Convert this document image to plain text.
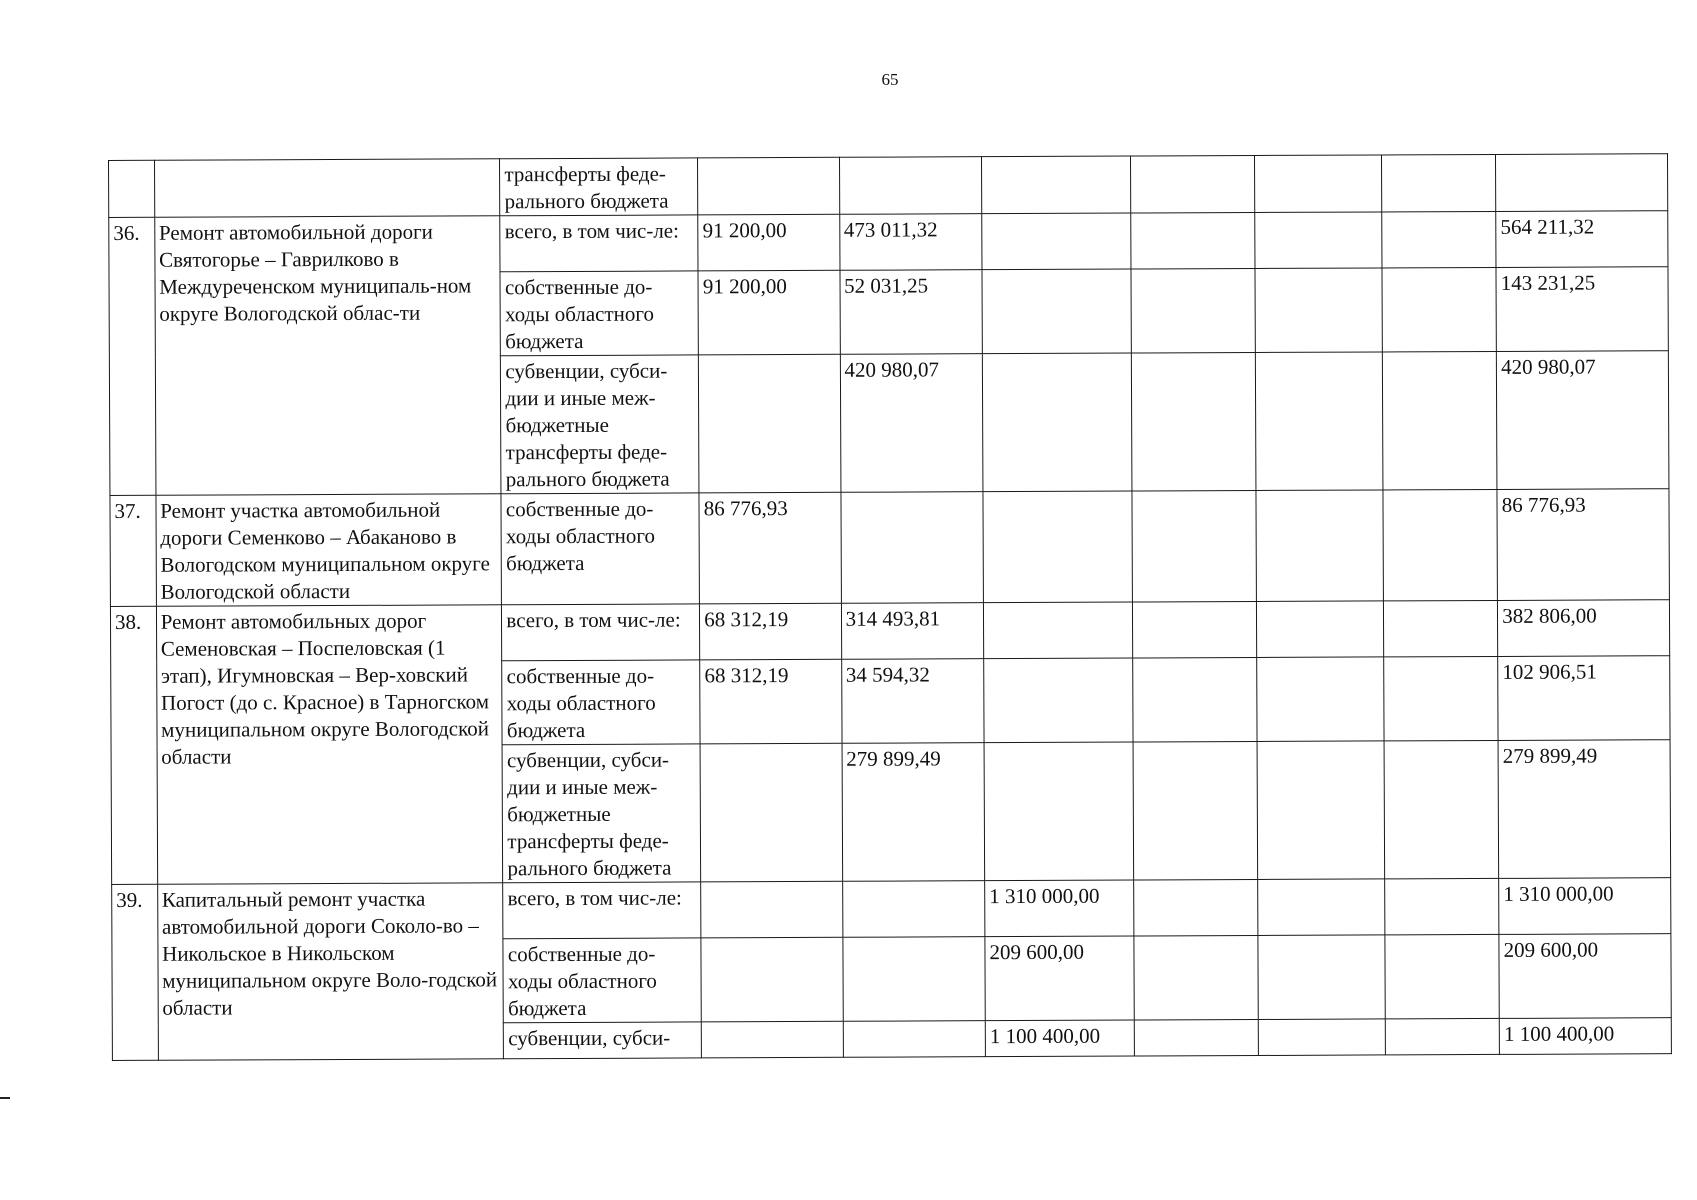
65
		трансферты феде-ральнoго бюджета							
36.	Ремонт автомобильной дороги Святогорье – Гаврилково в Междуреченском муниципаль-ном округе Вологодской облас-ти	всего, в том чис-ле:	91 200,00	473 011,32					564 211,32
		собственные до-ходы областного бюджета	91 200,00	52 031,25					143 231,25
		субвенции, субси-дии и иные меж-бюджетные трансферты феде-рального бюджета		420 980,07					420 980,07
37.	Ремонт участка автомобильной дороги Семенково – Абаканово в Вологодском муниципальном округе Вологодской области	собственные до-ходы областного бюджета	86 776,93						86 776,93
38.	Ремонт автомобильных дорог Семеновская – Поспеловская (1 этап), Игумновская – Вер-ховский Погост (до с. Красное) в Тарногском муниципальном округе Вологодской области	всего, в том чис-ле:	68 312,19	314 493,81					382 806,00
		собственные до-ходы областного бюджета	68 312,19	34 594,32					102 906,51
		субвенции, субси-дии и иные меж-бюджетные трансферты феде-рального бюджета		279 899,49					279 899,49
39.	Капитальный ремонт участка автомобильной дороги Соколо-во – Никольское в Никольском муниципальном округе Воло-годской области	всего, в том чис-ле:			1 310 000,00				1 310 000,00
		собственные до-ходы областного бюджета			209 600,00				209 600,00
		субвенции, субси-			1 100 400,00				1 100 400,00
